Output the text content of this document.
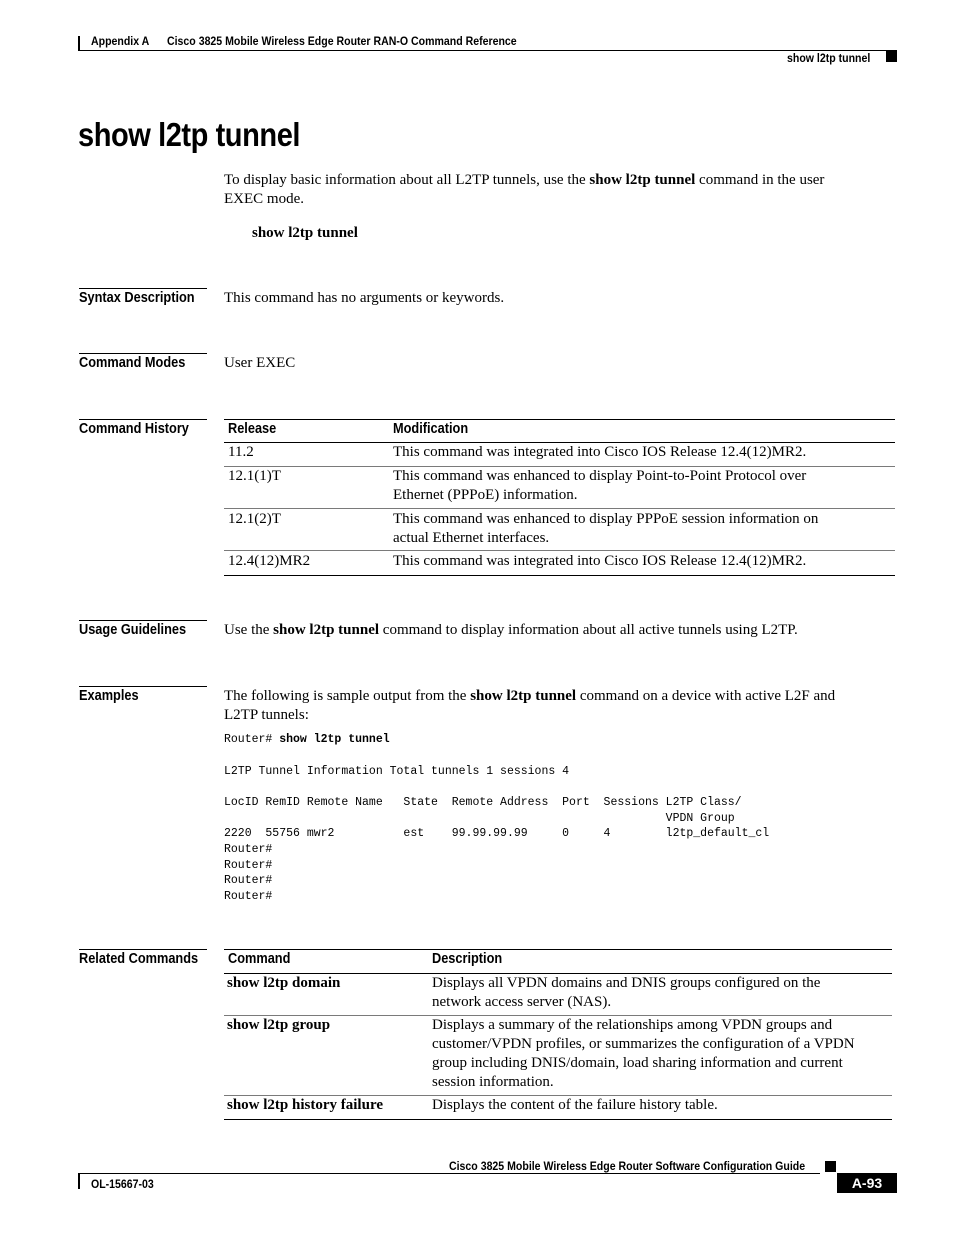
Appendix A Cisco 3825 Mobile Wireless Edge Router RAN-O Command Reference
show l2tp tunnel
show l2tp tunnel
To display basic information about all L2TP tunnels, use the show l2tp tunnel command in the user
EXEC mode.
show l2tp tunnel
Syntax Description This command has no arguments or keywords.
Command Modes	User EXEC
Command History	Release	Modification
11.2	This command was integrated into Cisco IOS Release 12.4(12)MR2.
12.1(1)T	This command was enhanced to display Point-to-Point Protocol over
Ethernet (PPPoE) information.
12.1(2)T	This command was enhanced to display PPPoE session information on
actual Ethernet interfaces.
12.4(12)MR2	This command was integrated into Cisco IOS Release 12.4(12)MR2.
Usage Guidelines	Use the show l2tp tunnel command to display information about all active tunnels using L2TP.
Examples	The following is sample output from the show l2tp tunnel command on a device with active L2F and
L2TP tunnels:
Router# show l2tp tunnel
L2TP Tunnel Information Total tunnels 1 sessions 4

LocID RemID Remote Name   State  Remote Address  Port  Sessions L2TP Class/
VPDN Group
2220  55756 mwr2          est    99.99.99.99     0     4        l2tp_default_cl
Router#
Router#
Router#
Router#
Related Commands Command	Description
show l2tp domain	Displays all VPDN domains and DNIS groups configured on the
network access server (NAS).
show l2tp group	Displays a summary of the relationships among VPDN groups and
customer/VPDN profiles, or summarizes the configuration of a VPDN
group including DNIS/domain, load sharing information and current
session information.
show l2tp history failure	Displays the content of the failure history table.
Cisco 3825 Mobile Wireless Edge Router Software Configuration Guide
OL-15667-03	A-93
